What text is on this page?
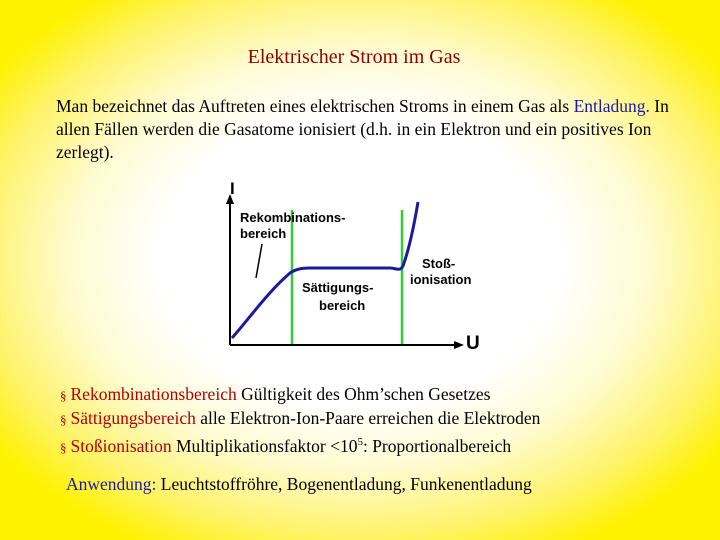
Elektrischer Strom im Gas
Man bezeichnet das Auftreten eines elektrischen Stroms in einem Gas als Entladung. In allen Fällen werden die Gasatome ionisiert (d.h. in ein Elektron und ein positives Ion zerlegt).
I
U
Rekombinations-
bereich
Sättigungs-
bereich
Stoß-
ionisation
§ Rekombinationsbereich Gültigkeit des Ohm’schen Gesetzes
§ Sättigungsbereich alle Elektron-Ion-Paare erreichen die Elektroden
§ Stoßionisation Multiplikationsfaktor $<10^5$: Proportionalbereich
Anwendung: Leuchtstoffröhre, Bogenentladung, Funkenentladung
